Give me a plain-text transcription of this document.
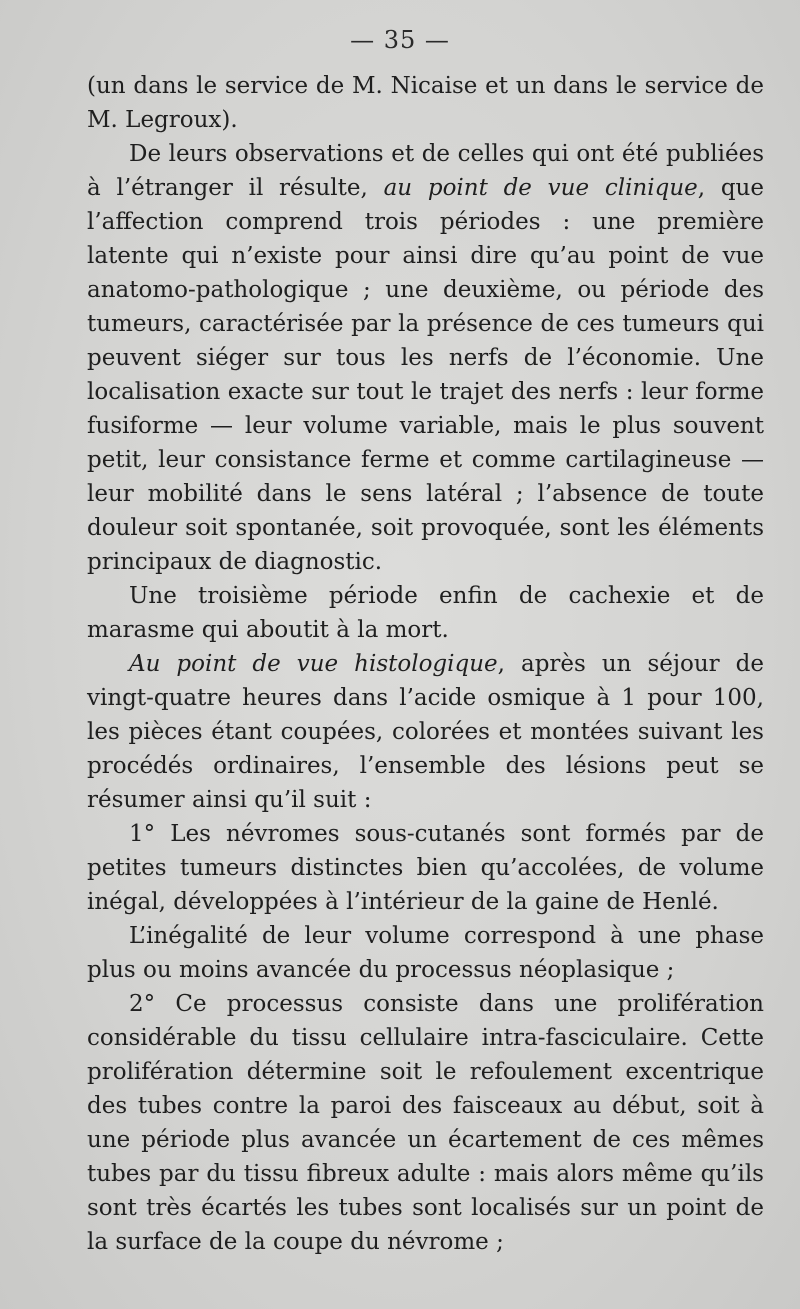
— 35 —

(un dans le service de M. Nicaise et un dans le service de M. Legroux).

De leurs observations et de celles qui ont été publiées à l’étranger il résulte, au point de vue clinique, que l’affection comprend trois périodes : une première latente qui n’existe pour ainsi dire qu’au point de vue anatomo-pathologique ; une deuxième, ou période des tumeurs, caractérisée par la présence de ces tumeurs qui peuvent siéger sur tous les nerfs de l’économie. Une localisation exacte sur tout le trajet des nerfs : leur forme fusiforme — leur volume variable, mais le plus souvent petit, leur consistance ferme et comme cartilagineuse — leur mobilité dans le sens latéral ; l’absence de toute douleur soit spontanée, soit provoquée, sont les éléments principaux de diagnostic.

Une troisième période enfin de cachexie et de marasme qui aboutit à la mort.

Au point de vue histologique, après un séjour de vingt-quatre heures dans l’acide osmique à 1 pour 100, les pièces étant coupées, colorées et montées suivant les procédés ordinaires, l’ensemble des lésions peut se résumer ainsi qu’il suit :

1° Les névromes sous-cutanés sont formés par de petites tumeurs distinctes bien qu’accolées, de volume inégal, développées à l’intérieur de la gaine de Henlé.

L’inégalité de leur volume correspond à une phase plus ou moins avancée du processus néoplasique ;

2° Ce processus consiste dans une prolifération considérable du tissu cellulaire intra-fasciculaire. Cette prolifération détermine soit le refoulement excentrique des tubes contre la paroi des faisceaux au début, soit à une période plus avancée un écartement de ces mêmes tubes par du tissu fibreux adulte : mais alors même qu’ils sont très écartés les tubes sont localisés sur un point de la surface de la coupe du névrome ;
